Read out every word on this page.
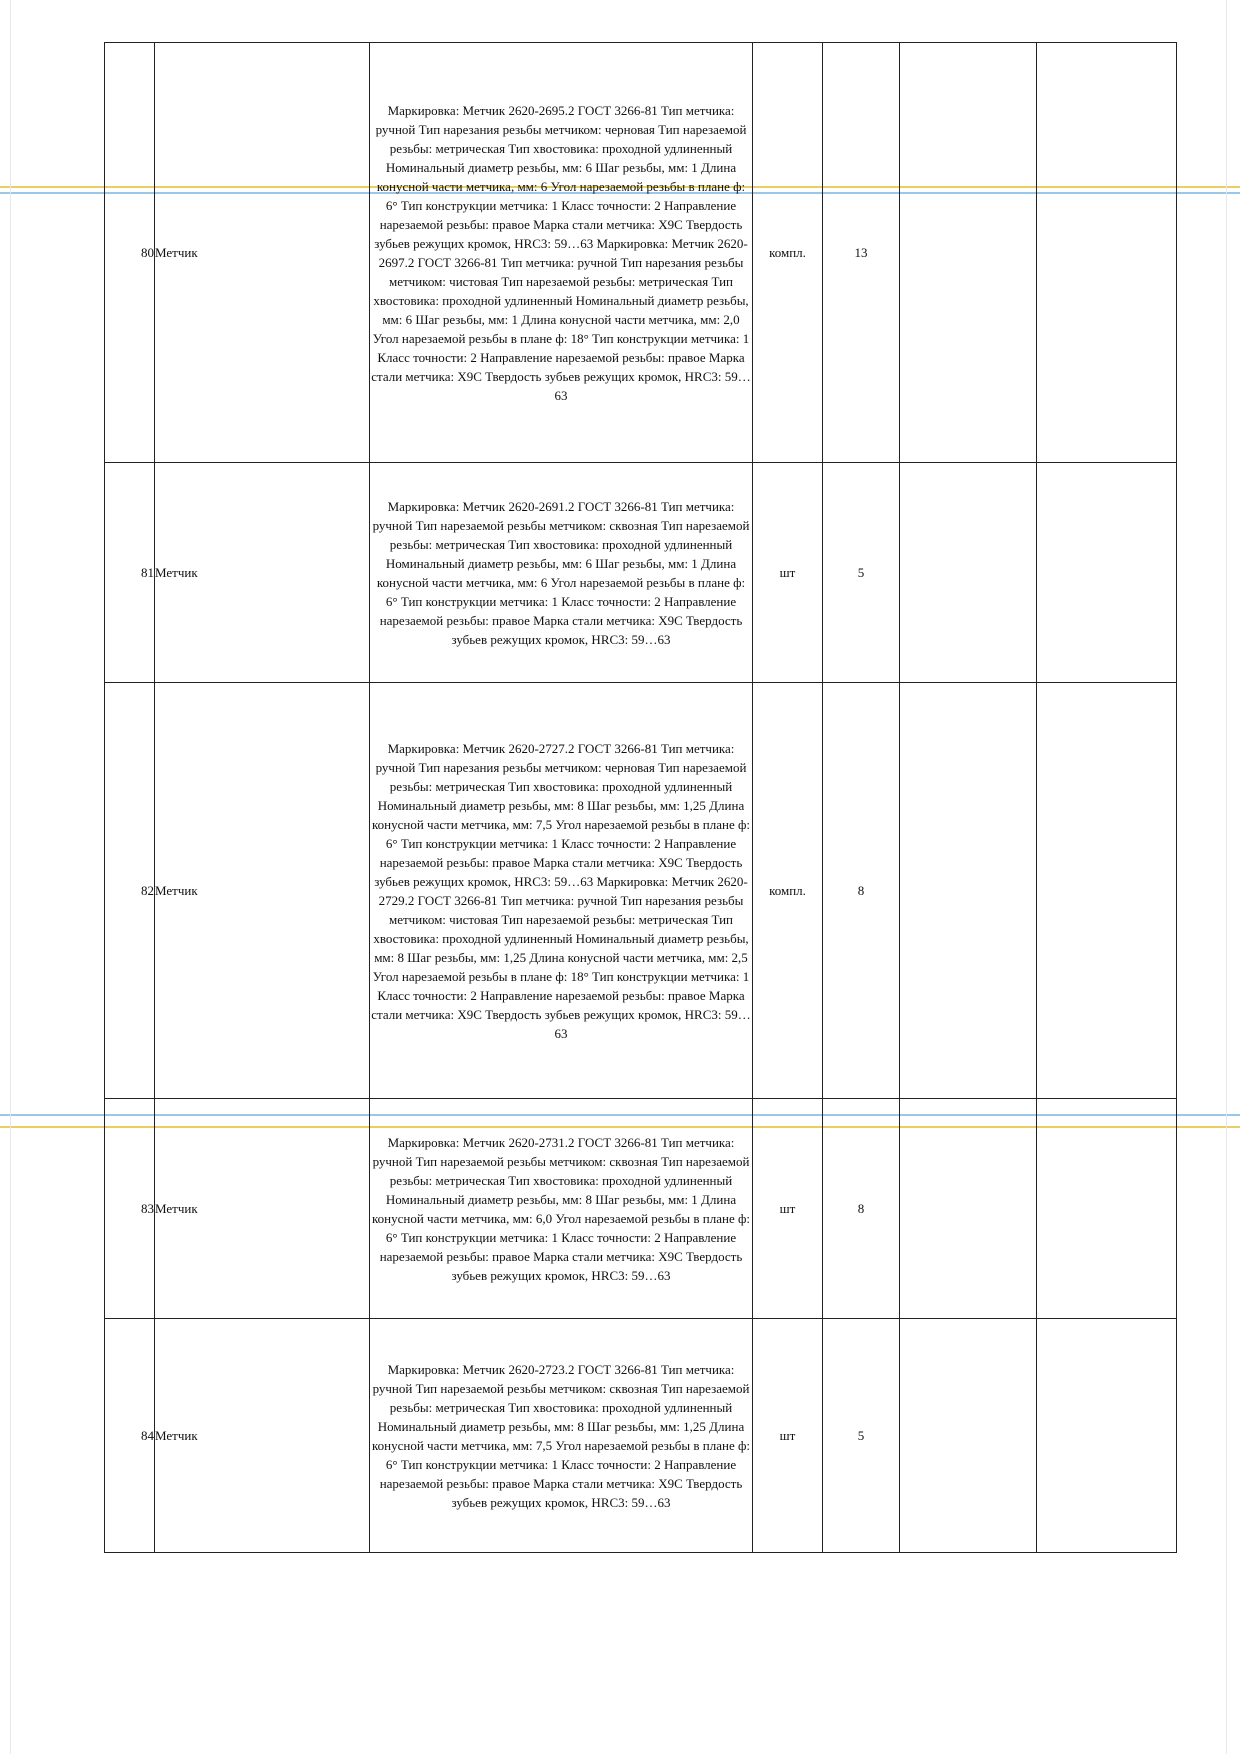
80	Метчик	Маркировка: Метчик 2620-2695.2 ГОСТ 3266-81 Тип метчика: ручной Тип нарезания резьбы метчиком: черновая Тип нарезаемой резьбы: метрическая Тип хвостовика: проходной удлиненный Номинальный диаметр резьбы, мм: 6 Шаг резьбы, мм: 1 Длина конусной части метчика, мм: 6 Угол нарезаемой резьбы в плане ф: 6° Тип конструкции метчика: 1 Класс точности: 2 Направление нарезаемой резьбы: правое Марка стали метчика: Х9С Твердость зубьев режущих кромок, HRC3: 59…63 Маркировка: Метчик 2620-2697.2 ГОСТ 3266-81 Тип метчика: ручной Тип нарезания резьбы метчиком: чистовая Тип нарезаемой резьбы: метрическая Тип хвостовика: проходной удлиненный Номинальный диаметр резьбы, мм: 6 Шаг резьбы, мм: 1 Длина конусной части метчика, мм: 2,0 Угол нарезаемой резьбы в плане ф: 18° Тип конструкции метчика: 1 Класс точности: 2 Направление нарезаемой резьбы: правое Марка стали метчика: Х9С Твердость зубьев режущих кромок, HRC3: 59…63	компл.	13		
81	Метчик	Маркировка: Метчик 2620-2691.2 ГОСТ 3266-81 Тип метчика: ручной Тип нарезаемой резьбы метчиком: сквозная Тип нарезаемой резьбы: метрическая Тип хвостовика: проходной удлиненный Номинальный диаметр резьбы, мм: 6 Шаг резьбы, мм: 1 Длина конусной части метчика, мм: 6 Угол нарезаемой резьбы в плане ф: 6° Тип конструкции метчика: 1 Класс точности: 2 Направление нарезаемой резьбы: правое Марка стали метчика: Х9С Твердость зубьев режущих кромок, HRC3: 59…63	шт	5		
82	Метчик	Маркировка: Метчик 2620-2727.2 ГОСТ 3266-81 Тип метчика: ручной Тип нарезания резьбы метчиком: черновая Тип нарезаемой резьбы: метрическая Тип хвостовика: проходной удлиненный Номинальный диаметр резьбы, мм: 8 Шаг резьбы, мм: 1,25 Длина конусной части метчика, мм: 7,5 Угол нарезаемой резьбы в плане ф: 6° Тип конструкции метчика: 1 Класс точности: 2 Направление нарезаемой резьбы: правое Марка стали метчика: Х9С Твердость зубьев режущих кромок, HRC3: 59…63 Маркировка: Метчик 2620-2729.2 ГОСТ 3266-81 Тип метчика: ручной Тип нарезания резьбы метчиком: чистовая Тип нарезаемой резьбы: метрическая Тип хвостовика: проходной удлиненный Номинальный диаметр резьбы, мм: 8 Шаг резьбы, мм: 1,25 Длина конусной части метчика, мм: 2,5 Угол нарезаемой резьбы в плане ф: 18° Тип конструкции метчика: 1 Класс точности: 2 Направление нарезаемой резьбы: правое Марка стали метчика: Х9С Твердость зубьев режущих кромок, HRC3: 59…63	компл.	8		
83	Метчик	Маркировка: Метчик 2620-2731.2 ГОСТ 3266-81 Тип метчика: ручной Тип нарезаемой резьбы метчиком: сквозная Тип нарезаемой резьбы: метрическая Тип хвостовика: проходной удлиненный Номинальный диаметр резьбы, мм: 8 Шаг резьбы, мм: 1 Длина конусной части метчика, мм: 6,0 Угол нарезаемой резьбы в плане ф: 6° Тип конструкции метчика: 1 Класс точности: 2 Направление нарезаемой резьбы: правое Марка стали метчика: Х9С Твердость зубьев режущих кромок, HRC3: 59…63	шт	8		
84	Метчик	Маркировка: Метчик 2620-2723.2 ГОСТ 3266-81 Тип метчика: ручной Тип нарезаемой резьбы метчиком: сквозная Тип нарезаемой резьбы: метрическая Тип хвостовика: проходной удлиненный Номинальный диаметр резьбы, мм: 8 Шаг резьбы, мм: 1,25 Длина конусной части метчика, мм: 7,5 Угол нарезаемой резьбы в плане ф: 6° Тип конструкции метчика: 1 Класс точности: 2 Направление нарезаемой резьбы: правое Марка стали метчика: Х9С Твердость зубьев режущих кромок, HRC3: 59…63	шт	5		
